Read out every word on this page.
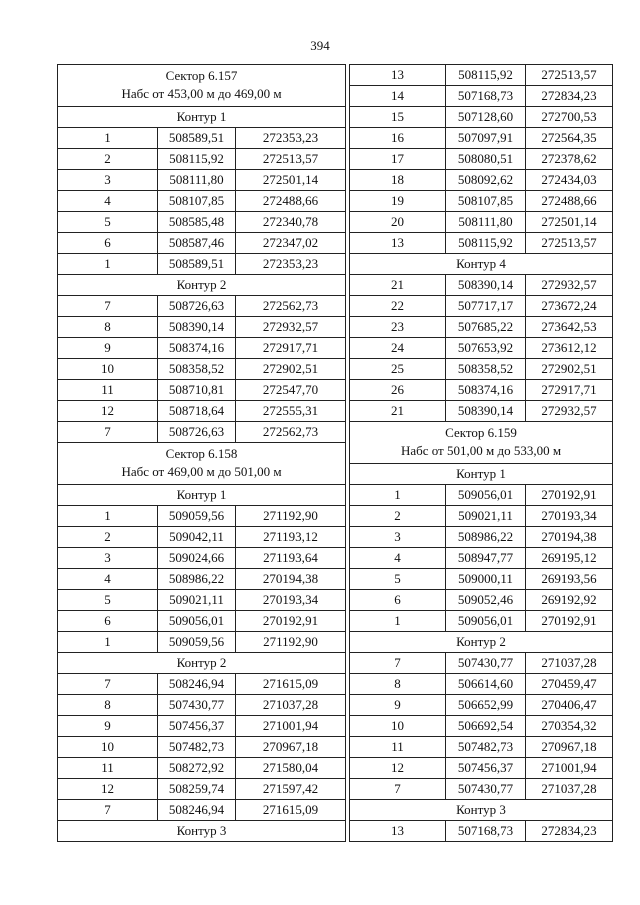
394
Сектор 6.157
Набс от 453,00 м до 469,00 м		

Контур 1		
1	508589,51	272353,23
2	508115,92	272513,57
3	508111,80	272501,14
4	508107,85	272488,66
5	508585,48	272340,78
6	508587,46	272347,02
1	508589,51	272353,23
Контур 2		
7	508726,63	272562,73
8	508390,14	272932,57
9	508374,16	272917,71
10	508358,52	272902,51
11	508710,81	272547,70
12	508718,64	272555,31
7	508726,63	272562,73

Сектор 6.158
Набс от 469,00 м до 501,00 м		

Контур 1		
1	509059,56	271192,90
2	509042,11	271193,12
3	509024,66	271193,64
4	508986,22	270194,38
5	509021,11	270193,34
6	509056,01	270192,91
1	509059,56	271192,90
Контур 2		
7	508246,94	271615,09
8	507430,77	271037,28
9	507456,37	271001,94
10	507482,73	270967,18
11	508272,92	271580,04
12	508259,74	271597,42
7	508246,94	271615,09
Контур 3		
13	508115,92	272513,57
14	507168,73	272834,23
15	507128,60	272700,53
16	507097,91	272564,35
17	508080,51	272378,62
18	508092,62	272434,03
19	508107,85	272488,66
20	508111,80	272501,14
13	508115,92	272513,57
Контур 4		
21	508390,14	272932,57
22	507717,17	273672,24
23	507685,22	273642,53
24	507653,92	273612,12
25	508358,52	272902,51
26	508374,16	272917,71
21	508390,14	272932,57

Сектор 6.159
Набс от 501,00 м до 533,00 м		

Контур 1		
1	509056,01	270192,91
2	509021,11	270193,34
3	508986,22	270194,38
4	508947,77	269195,12
5	509000,11	269193,56
6	509052,46	269192,92
1	509056,01	270192,91
Контур 2		
7	507430,77	271037,28
8	506614,60	270459,47
9	506652,99	270406,47
10	506692,54	270354,32
11	507482,73	270967,18
12	507456,37	271001,94
7	507430,77	271037,28
Контур 3		
13	507168,73	272834,23
